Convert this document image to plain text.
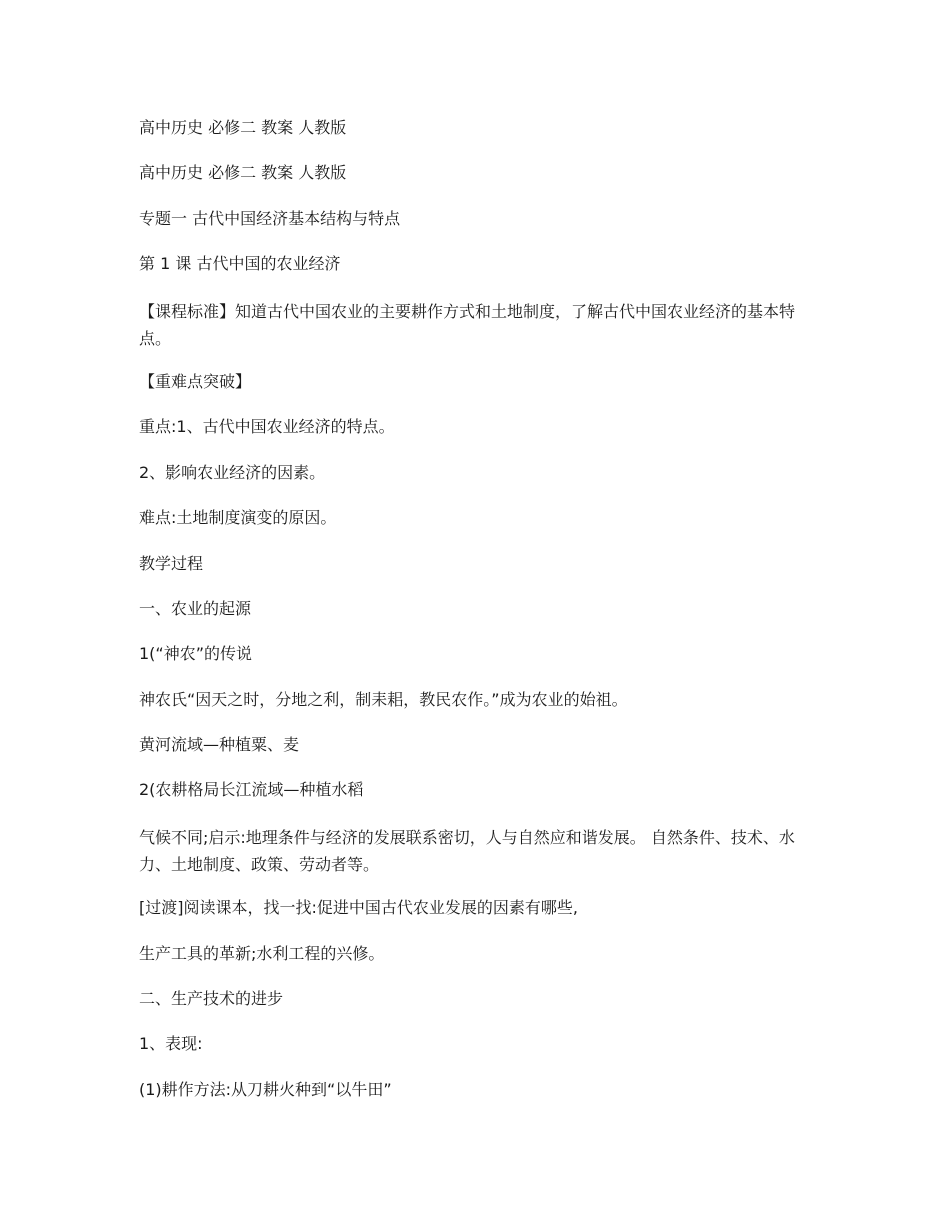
高中历史 必修二 教案 人教版
高中历史 必修二 教案 人教版
专题一 古代中国经济基本结构与特点
第 1 课 古代中国的农业经济
【课程标准】知道古代中国农业的主要耕作方式和土地制度，了解古代中国农业经济的基本特点。
【重难点突破】
重点:1、古代中国农业经济的特点。
2、影响农业经济的因素。
难点:土地制度演变的原因。
教学过程
一、农业的起源
1(“神农”的传说
神农氏“因天之时，分地之利，制耒耜，教民农作。”成为农业的始祖。
黄河流域—种植粟、麦
2(农耕格局长江流域—种植水稻
气候不同;启示:地理条件与经济的发展联系密切，人与自然应和谐发展。 自然条件、技术、水力、土地制度、政策、劳动者等。
[过渡]阅读课本，找一找:促进中国古代农业发展的因素有哪些,
生产工具的革新;水利工程的兴修。
二、生产技术的进步
1、表现:
(1)耕作方法:从刀耕火种到“以牛田”
